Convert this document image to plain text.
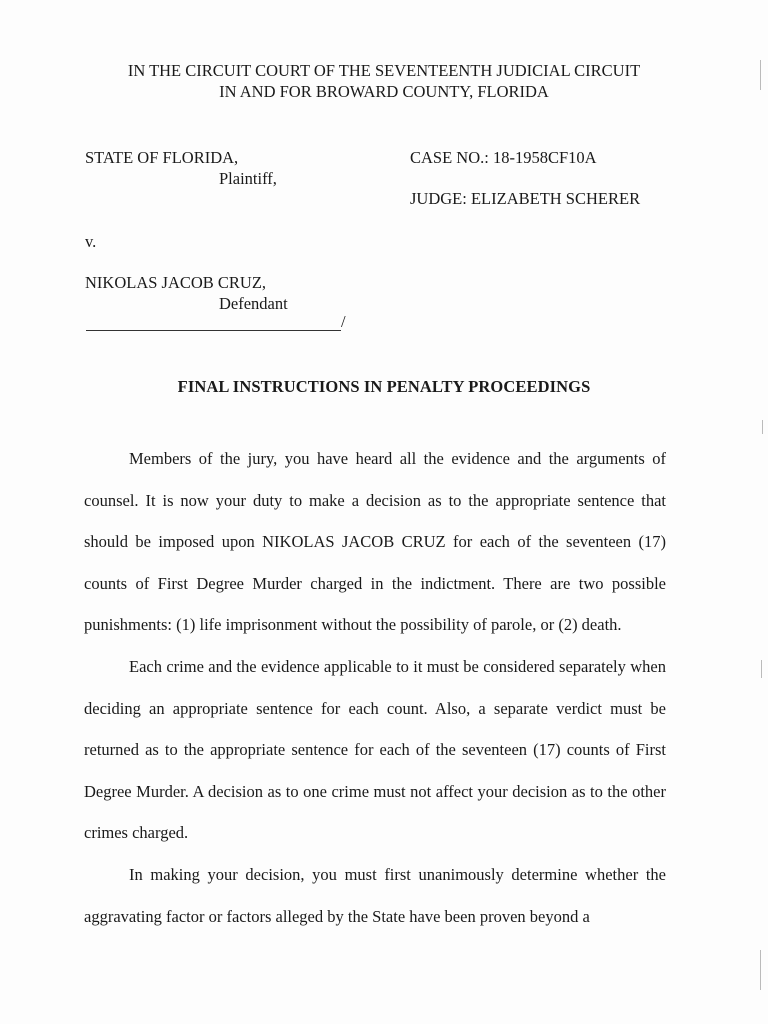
IN THE CIRCUIT COURT OF THE SEVENTEENTH JUDICIAL CIRCUIT
IN AND FOR BROWARD COUNTY, FLORIDA
STATE OF FLORIDA,
Plaintiff,
CASE NO.: 18-1958CF10A
JUDGE: ELIZABETH SCHERER
v.
NIKOLAS JACOB CRUZ,
Defendant
/
FINAL INSTRUCTIONS IN PENALTY PROCEEDINGS

Members of the jury, you have heard all the evidence and the arguments of counsel. It is now your duty to make a decision as to the appropriate sentence that should be imposed upon NIKOLAS JACOB CRUZ for each of the seventeen (17) counts of First Degree Murder charged in the indictment. There are two possible punishments: (1) life imprisonment without the possibility of parole, or (2) death.

Each crime and the evidence applicable to it must be considered separately when deciding an appropriate sentence for each count. Also, a separate verdict must be returned as to the appropriate sentence for each of the seventeen (17) counts of First Degree Murder. A decision as to one crime must not affect your decision as to the other crimes charged.

In making your decision, you must first unanimously determine whether the aggravating factor or factors alleged by the State have been proven beyond a
